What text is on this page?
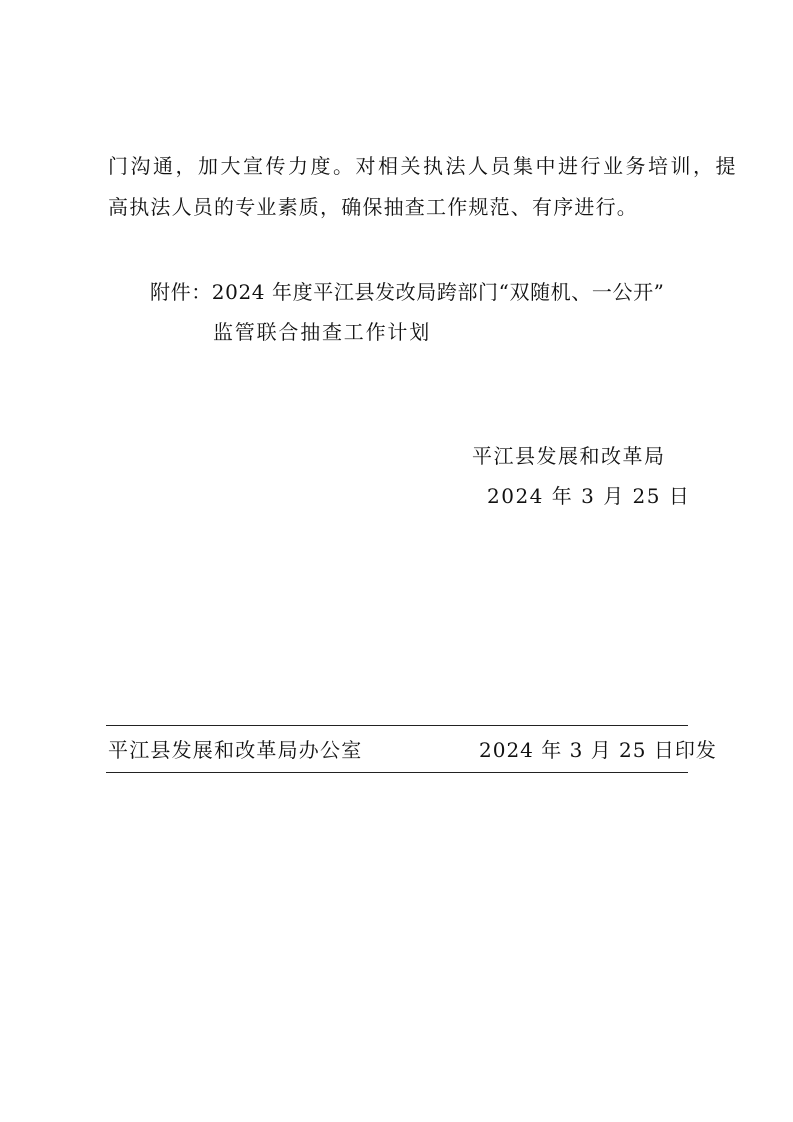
门沟通，加大宣传力度。对相关执法人员集中进行业务培训，提
高执法人员的专业素质，确保抽查工作规范、有序进行。
附件：2024 年度平江县发改局跨部门“双随机、一公开”
监管联合抽查工作计划
平江县发展和改革局
2024 年 3 月 25 日
平江县发展和改革局办公室	2024 年 3 月 25 日印发
